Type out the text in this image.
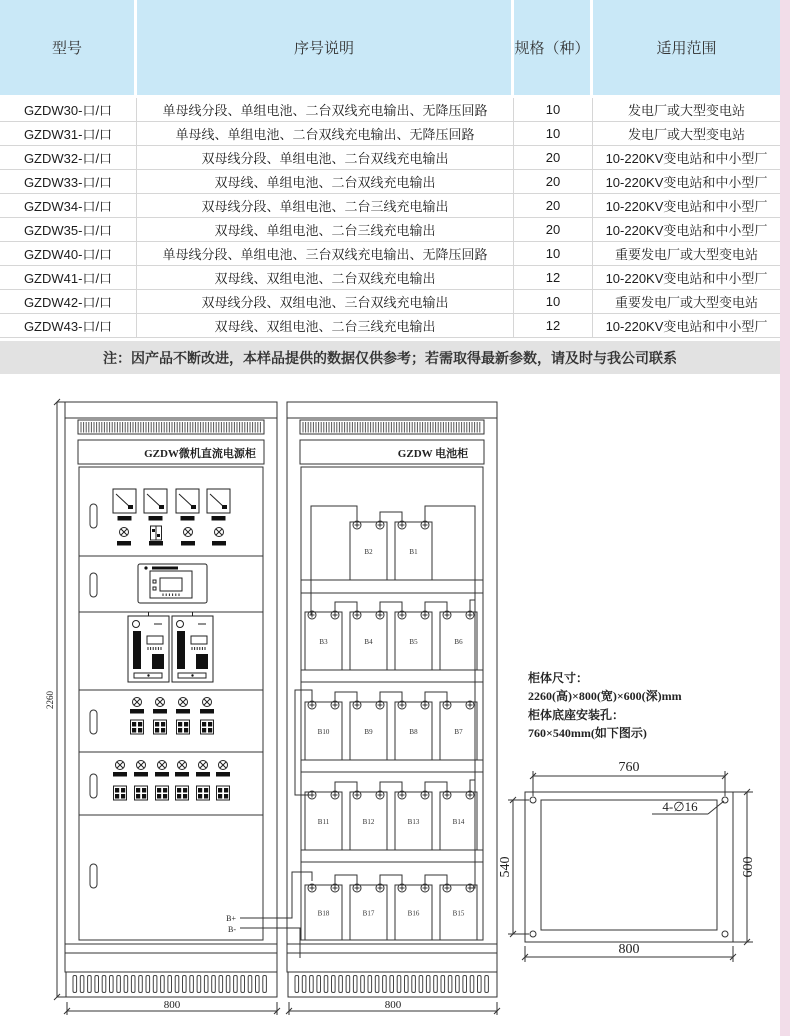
型号	序号说明	规格（种）	适用范围
GZDW30-口/口	单母线分段、单组电池、二台双线充电输出、无降压回路	10	发电厂或大型变电站
GZDW31-口/口	单母线、单组电池、二台双线充电输出、无降压回路	10	发电厂或大型变电站
GZDW32-口/口	双母线分段、单组电池、二台双线充电输出	20	10-220KV变电站和中小型厂
GZDW33-口/口	双母线、单组电池、二台双线充电输出	20	10-220KV变电站和中小型厂
GZDW34-口/口	双母线分段、单组电池、二台三线充电输出	20	10-220KV变电站和中小型厂
GZDW35-口/口	双母线、单组电池、二台三线充电输出	20	10-220KV变电站和中小型厂
GZDW40-口/口	单母线分段、单组电池、三台双线充电输出、无降压回路	10	重要发电厂或大型变电站
GZDW41-口/口	双母线、双组电池、二台双线充电输出	12	10-220KV变电站和中小型厂
GZDW42-口/口	双母线分段、双组电池、三台双线充电输出	10	重要发电厂或大型变电站
GZDW43-口/口	双母线、双组电池、二台三线充电输出	12	10-220KV变电站和中小型厂
注：因产品不断改进，本样品提供的数据仅供参考；若需取得最新参数，请及时与我公司联系
GZDW微机直流电源柜	GZDW 电池柜
B2	B1
B3	B4	B5	B6
B10	B9	B8	B7
B11	B12	B13	B14
B18	B17	B16	B15
B+
B-
2260
800	800
柜体尺寸：
2260(高)×800(宽)×600(深)mm
柜体底座安装孔：
760×540mm(如下图示)
760
540	600
800
4-∅16
